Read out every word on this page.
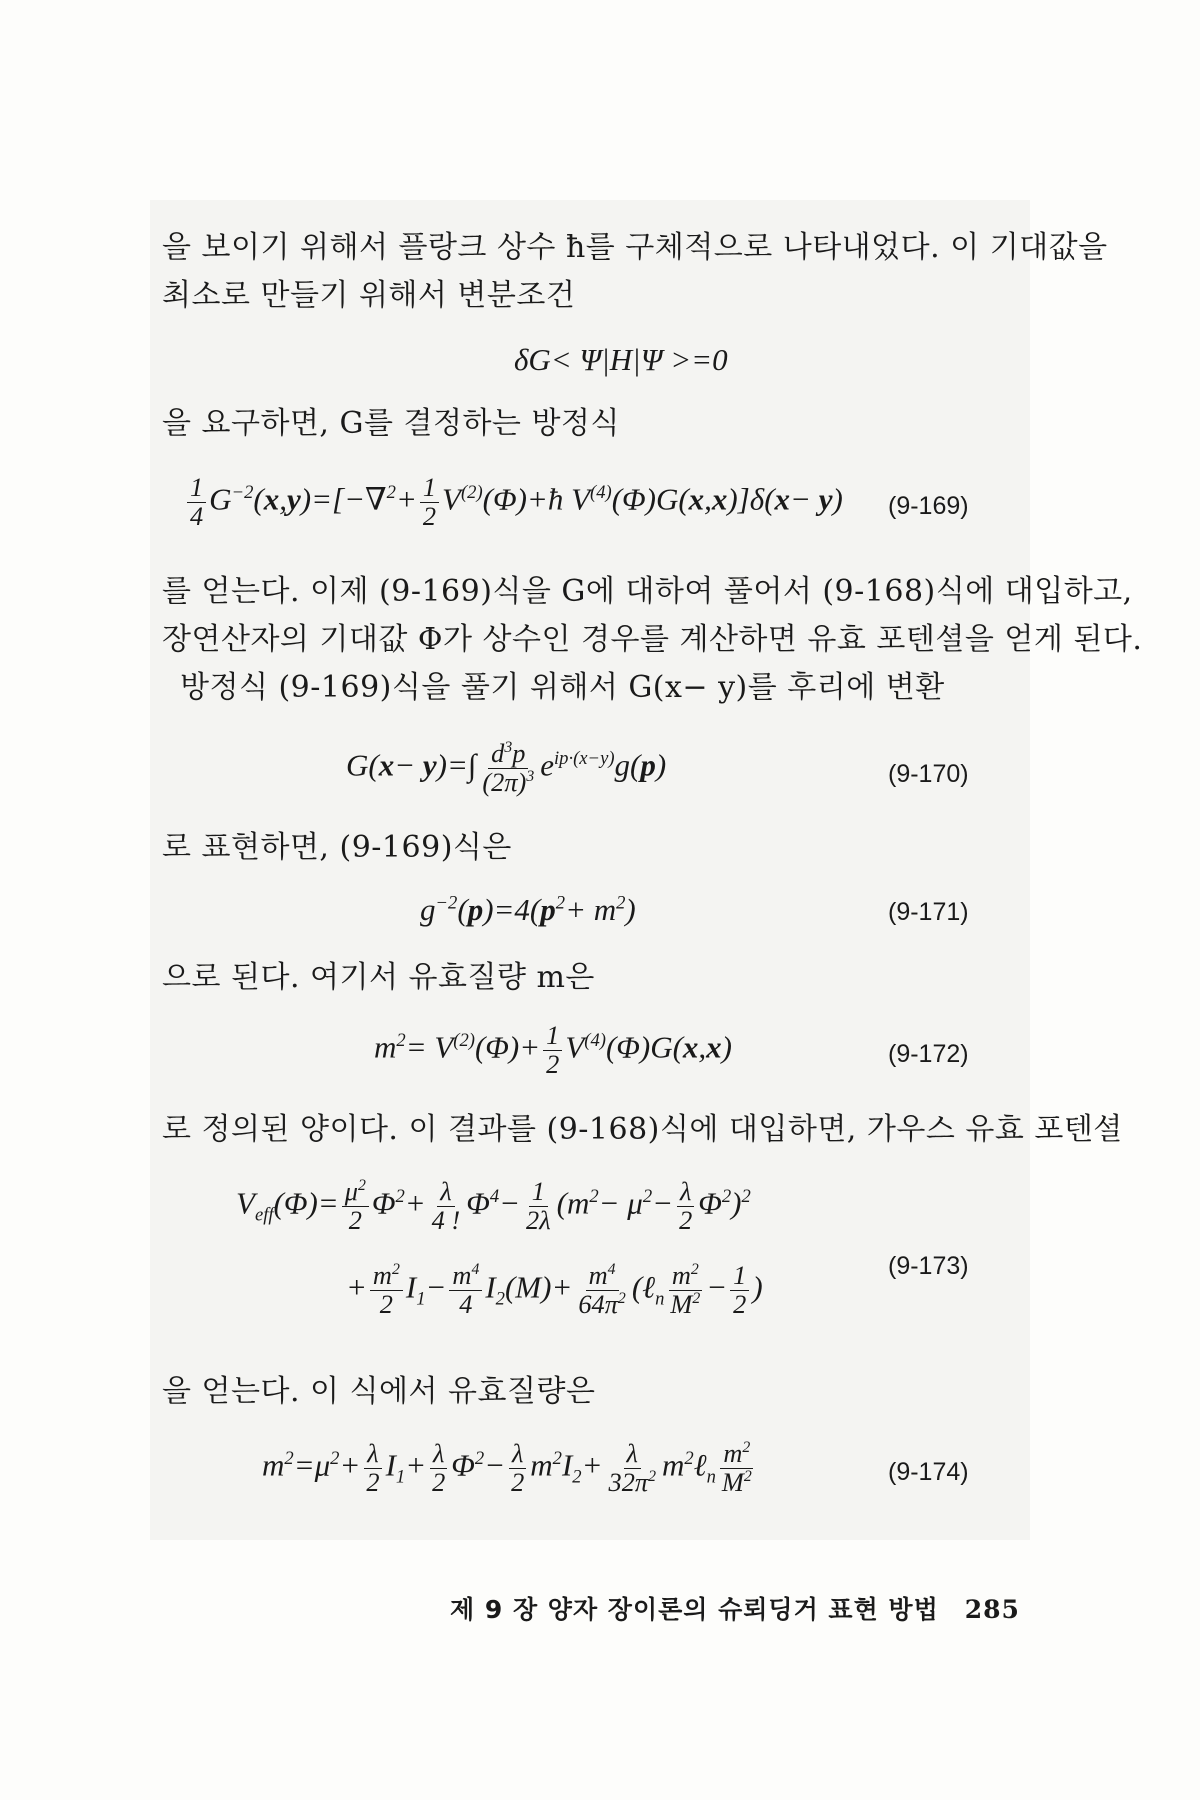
을 보이기 위해서 플랑크 상수 ħ를 구체적으로 나타내었다. 이 기대값을
최소로 만들기 위해서 변분조건
δG< Ψ|H|Ψ >=0
을 요구하면, G를 결정하는 방정식
$\frac{1}{4} G^{-2}(x,y)=[-\nabla^2+ \frac{1}{2}$ $V^{(2)}(\Phi)+ħ$ $V^{(4)}(\Phi)G(x,x)]\delta(x- y)$ (9-169)
를 얻는다. 이제 (9-169)식을 G에 대하여 풀어서 (9-168)식에 대입하고,
장연산자의 기대값 Φ가 상수인 경우를 계산하면 유효 포텐셜을 얻게 된다.
방정식 (9-169)식을 풀기 위해서 G(x− y)를 후리에 변환
$G(x- y)=\int \frac{d^3p}{(2\pi)^3} e^{ip\cdot(x-y)}g(p)$	(9-170)
로 표현하면, (9-169)식은
$g^{-2}(p)=4(p^2+ m^2)$	(9-171)
으로 된다. 여기서 유효질량 m은
$m^2= V^{(2)}(\Phi)+ \frac{1}{2} V^{(4)}(\Phi)G(x,x)$	(9-172)
로 정의된 양이다. 이 결과를 (9-168)식에 대입하면, 가우스 유효 포텐셜
$V_{eff}(\Phi)= \frac{\mu^2}{2} \Phi^2+ \frac{\lambda}{4 !} \Phi^4- \frac{1}{2\lambda} (m^2- \mu^2- \frac{\lambda}{2} \Phi^2)^2$
+ $\frac{m^2}{2} I_1- \frac{m^4}{4} I_2(M)+ \frac{m^4}{64\pi^2}$ (ℓ$_n$ $\frac{m^2}{M^2} - \frac{1}{2}$ )
(9-173)
을 얻는다. 이 식에서 유효질량은
$m^2=\mu^2+ \frac{\lambda}{2} I_1+ \frac{\lambda}{2} \Phi^2- \frac{\lambda}{2} m^2I_2+ \frac{\lambda}{32\pi^2}$ $m^2\ell_n \frac{m^2}{M^2}$	(9-174)
제 9 장 양자 장이론의 슈뢰딩거 표현 방법 285
